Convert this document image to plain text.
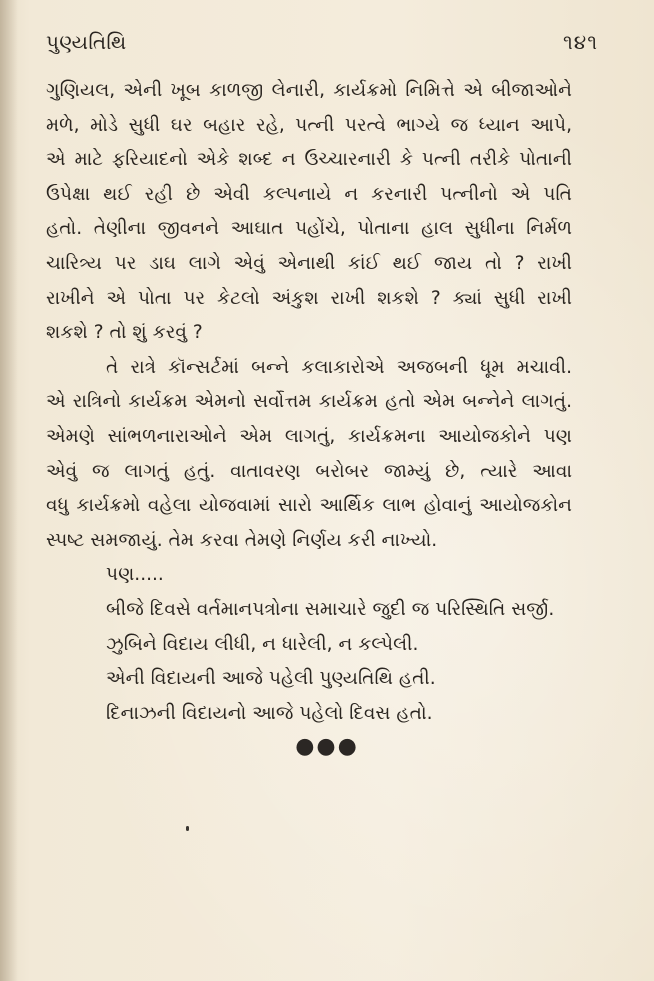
પુણ્યતિથિ	૧૪૧
ગુણિયલ, એની ખૂબ કાળજી લેનારી, કાર્યક્રમો નિમિત્તે એ બીજાઓને
મળે, મોડે સુધી ઘર બહાર રહે, પત્ની પરત્વે ભાગ્યે જ ધ્યાન આપે,
એ માટે ફરિયાદનો એકે શબ્દ ન ઉચ્ચારનારી કે પત્ની તરીકે પોતાની
ઉપેક્ષા થઈ રહી છે એવી કલ્પનાયે ન કરનારી પત્નીનો એ પતિ
હતો. તેણીના જીવનને આઘાત પહોંચે, પોતાના હાલ સુધીના નિર્મળ
ચારિત્ર્ય પર ડાઘ લાગે એવું એનાથી કાંઈ થઈ જાય તો ? રાખી
રાખીને એ પોતા પર કેટલો અંકુશ રાખી શકશે ? ક્યાં સુધી રાખી
શકશે ? તો શું કરવું ?
તે રાત્રે કૉન્સર્ટમાં બન્ને કલાકારોએ અજબની ધૂમ મચાવી.
એ રાત્રિનો કાર્યક્રમ એમનો સર્વોત્તમ કાર્યક્રમ હતો એમ બન્નેને લાગતું.
એમણે સાંભળનારાઓને એમ લાગતું, કાર્યક્રમના આયોજકોને પણ
એવું જ લાગતું હતું. વાતાવરણ બરોબર જામ્યું છે, ત્યારે આવા
વધુ કાર્યક્રમો વહેલા યોજવામાં સારો આર્થિક લાભ હોવાનું આયોજકોન
સ્પષ્ટ સમજાયું. તેમ કરવા તેમણે નિર્ણય કરી નાખ્યો.
પણ.....
બીજે દિવસે વર્તમાનપત્રોના સમાચારે જુદી જ પરિસ્થિતિ સર્જી.
ઝુબિને વિદાય લીધી, ન ધારેલી, ન કલ્પેલી.
એની વિદાયની આજે પહેલી પુણ્યતિથિ હતી.
દિનાઝની વિદાયનો આજે પહેલો દિવસ હતો.
●●●
